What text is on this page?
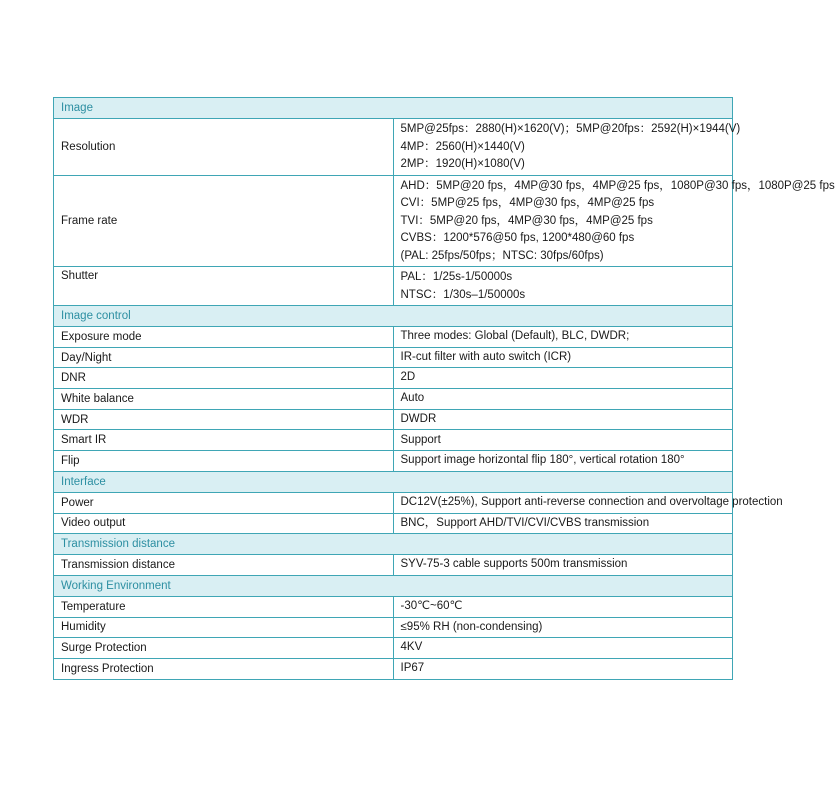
Image	
Resolution	5MP@25fps：2880(H)×1620(V)；5MP@20fps：2592(H)×1944(V)
4MP：2560(H)×1440(V)
2MP：1920(H)×1080(V)

Frame rate	AHD：5MP@20 fps，4MP@30 fps，4MP@25 fps，1080P@30 fps，1080P@25 fps
CVI：5MP@25 fps，4MP@30 fps，4MP@25 fps
TVI：5MP@20 fps，4MP@30 fps，4MP@25 fps
CVBS：1200*576@50 fps, 1200*480@60 fps
(PAL: 25fps/50fps；NTSC: 30fps/60fps)

Shutter	PAL：1/25s-1/50000s
NTSC：1/30s–1/50000s

Image control	
Exposure mode	Three modes: Global (Default), BLC, DWDR;

Day/Night	IR-cut filter with auto switch (ICR)

DNR	2D

White balance	Auto

WDR	DWDR

Smart IR	Support

Flip	Support image horizontal flip 180°, vertical rotation 180°

Interface	
Power	DC12V(±25%), Support anti-reverse connection and overvoltage protection

Video output	BNC，Support AHD/TVI/CVI/CVBS transmission

Transmission distance	
Transmission distance	SYV-75-3 cable supports 500m transmission

Working Environment	
Temperature	-30℃~60℃

Humidity	≤95% RH (non-condensing)

Surge Protection	4KV

Ingress Protection	IP67
